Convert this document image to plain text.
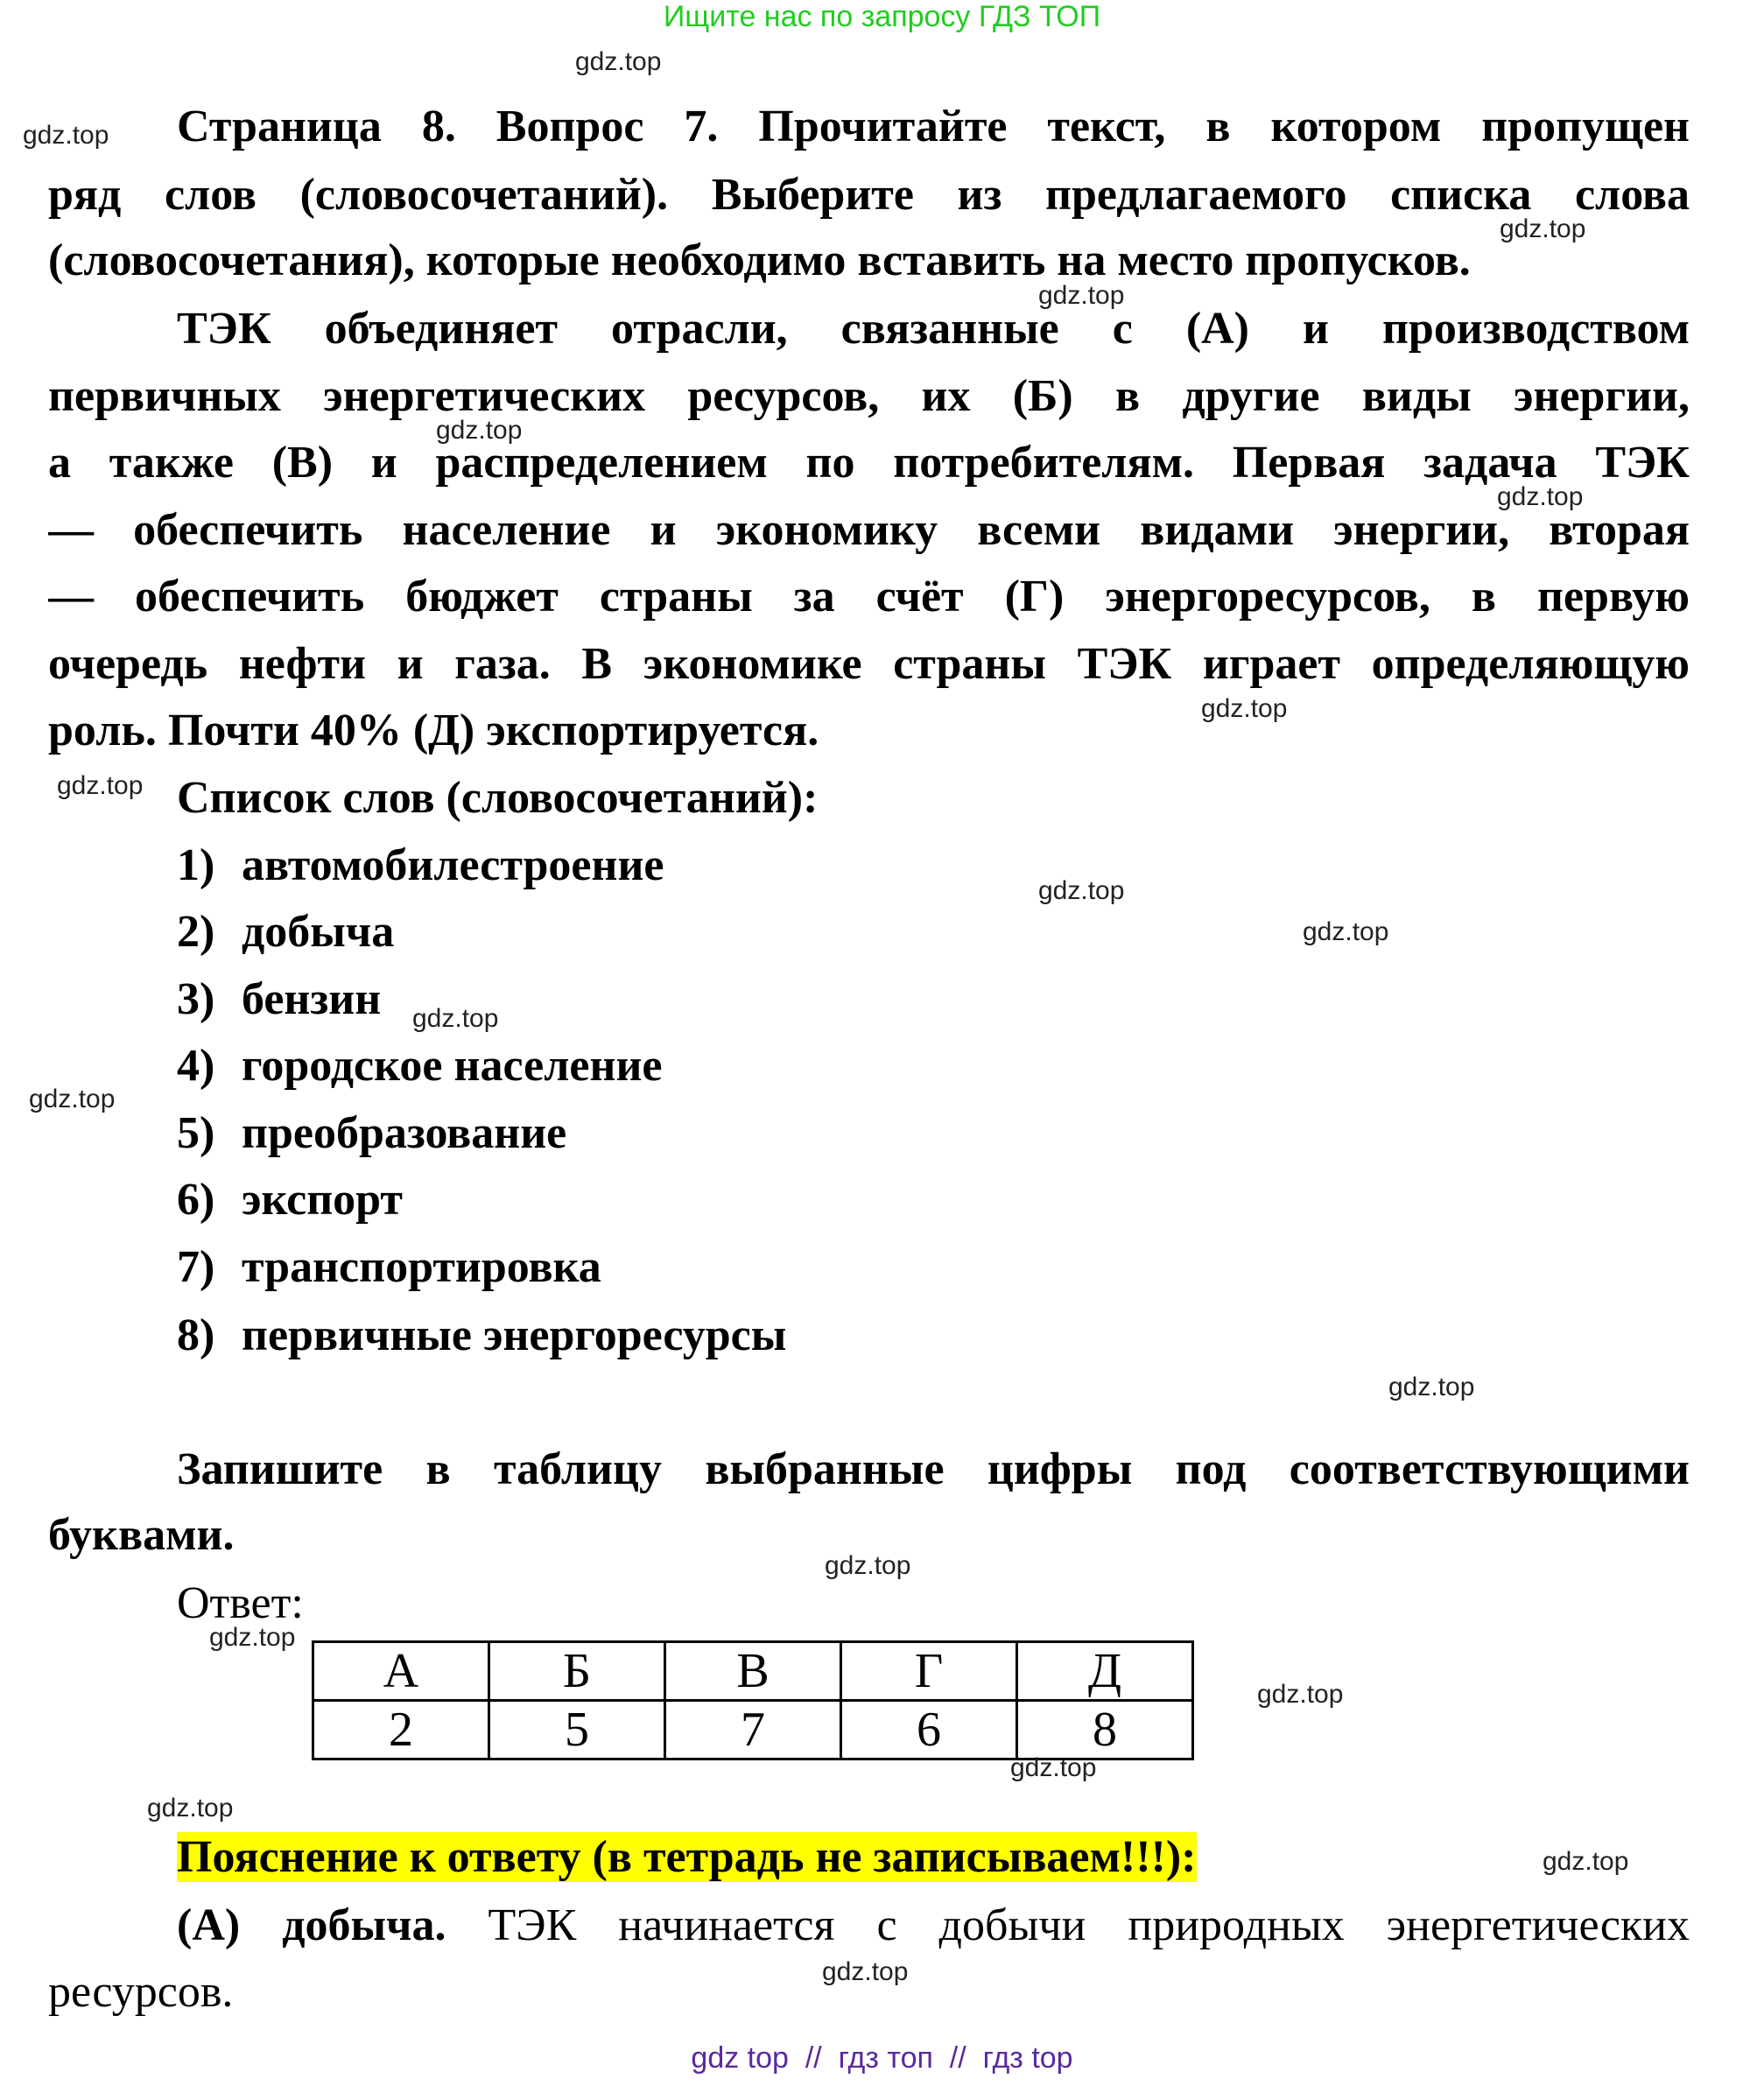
Ищите нас по запросу ГДЗ ТОП
Страница 8. Вопрос 7. Прочитайте текст, в котором пропущен
ряд слов (словосочетаний). Выберите из предлагаемого списка слова
(словосочетания), которые необходимо вставить на место пропусков.
ТЭК объединяет отрасли, связанные с (А) и производством
первичных энергетических ресурсов, их (Б) в другие виды энергии,
а также (В) и распределением по потребителям. Первая задача ТЭК
— обеспечить население и экономику всеми видами энергии, вторая
— обеспечить бюджет страны за счёт (Г) энергоресурсов, в первую
очередь нефти и газа. В экономике страны ТЭК играет определяющую
роль. Почти 40% (Д) экспортируется.
Список слов (словосочетаний):
1) автомобилестроение
2) добыча
3) бензин
4) городское население
5) преобразование
6) экспорт
7) транспортировка
8) первичные энергоресурсы
Запишите в таблицу выбранные цифры под соответствующими
буквами.
Ответ:
А	Б	В	Г	Д
2	5	7	6	8
Пояснение к ответу (в тетрадь не записываем!!!):
(А) добыча. ТЭК начинается с добычи природных энергетических
ресурсов.
gdz.top
gdz.top
gdz.top
gdz.top
gdz.top
gdz.top
gdz.top
gdz.top
gdz.top
gdz.top
gdz.top
gdz.top
gdz.top
gdz.top
gdz.top
gdz.top
gdz.top
gdz.top
gdz.top
gdz.top
gdz top  //  гдз топ  //  гдз top
